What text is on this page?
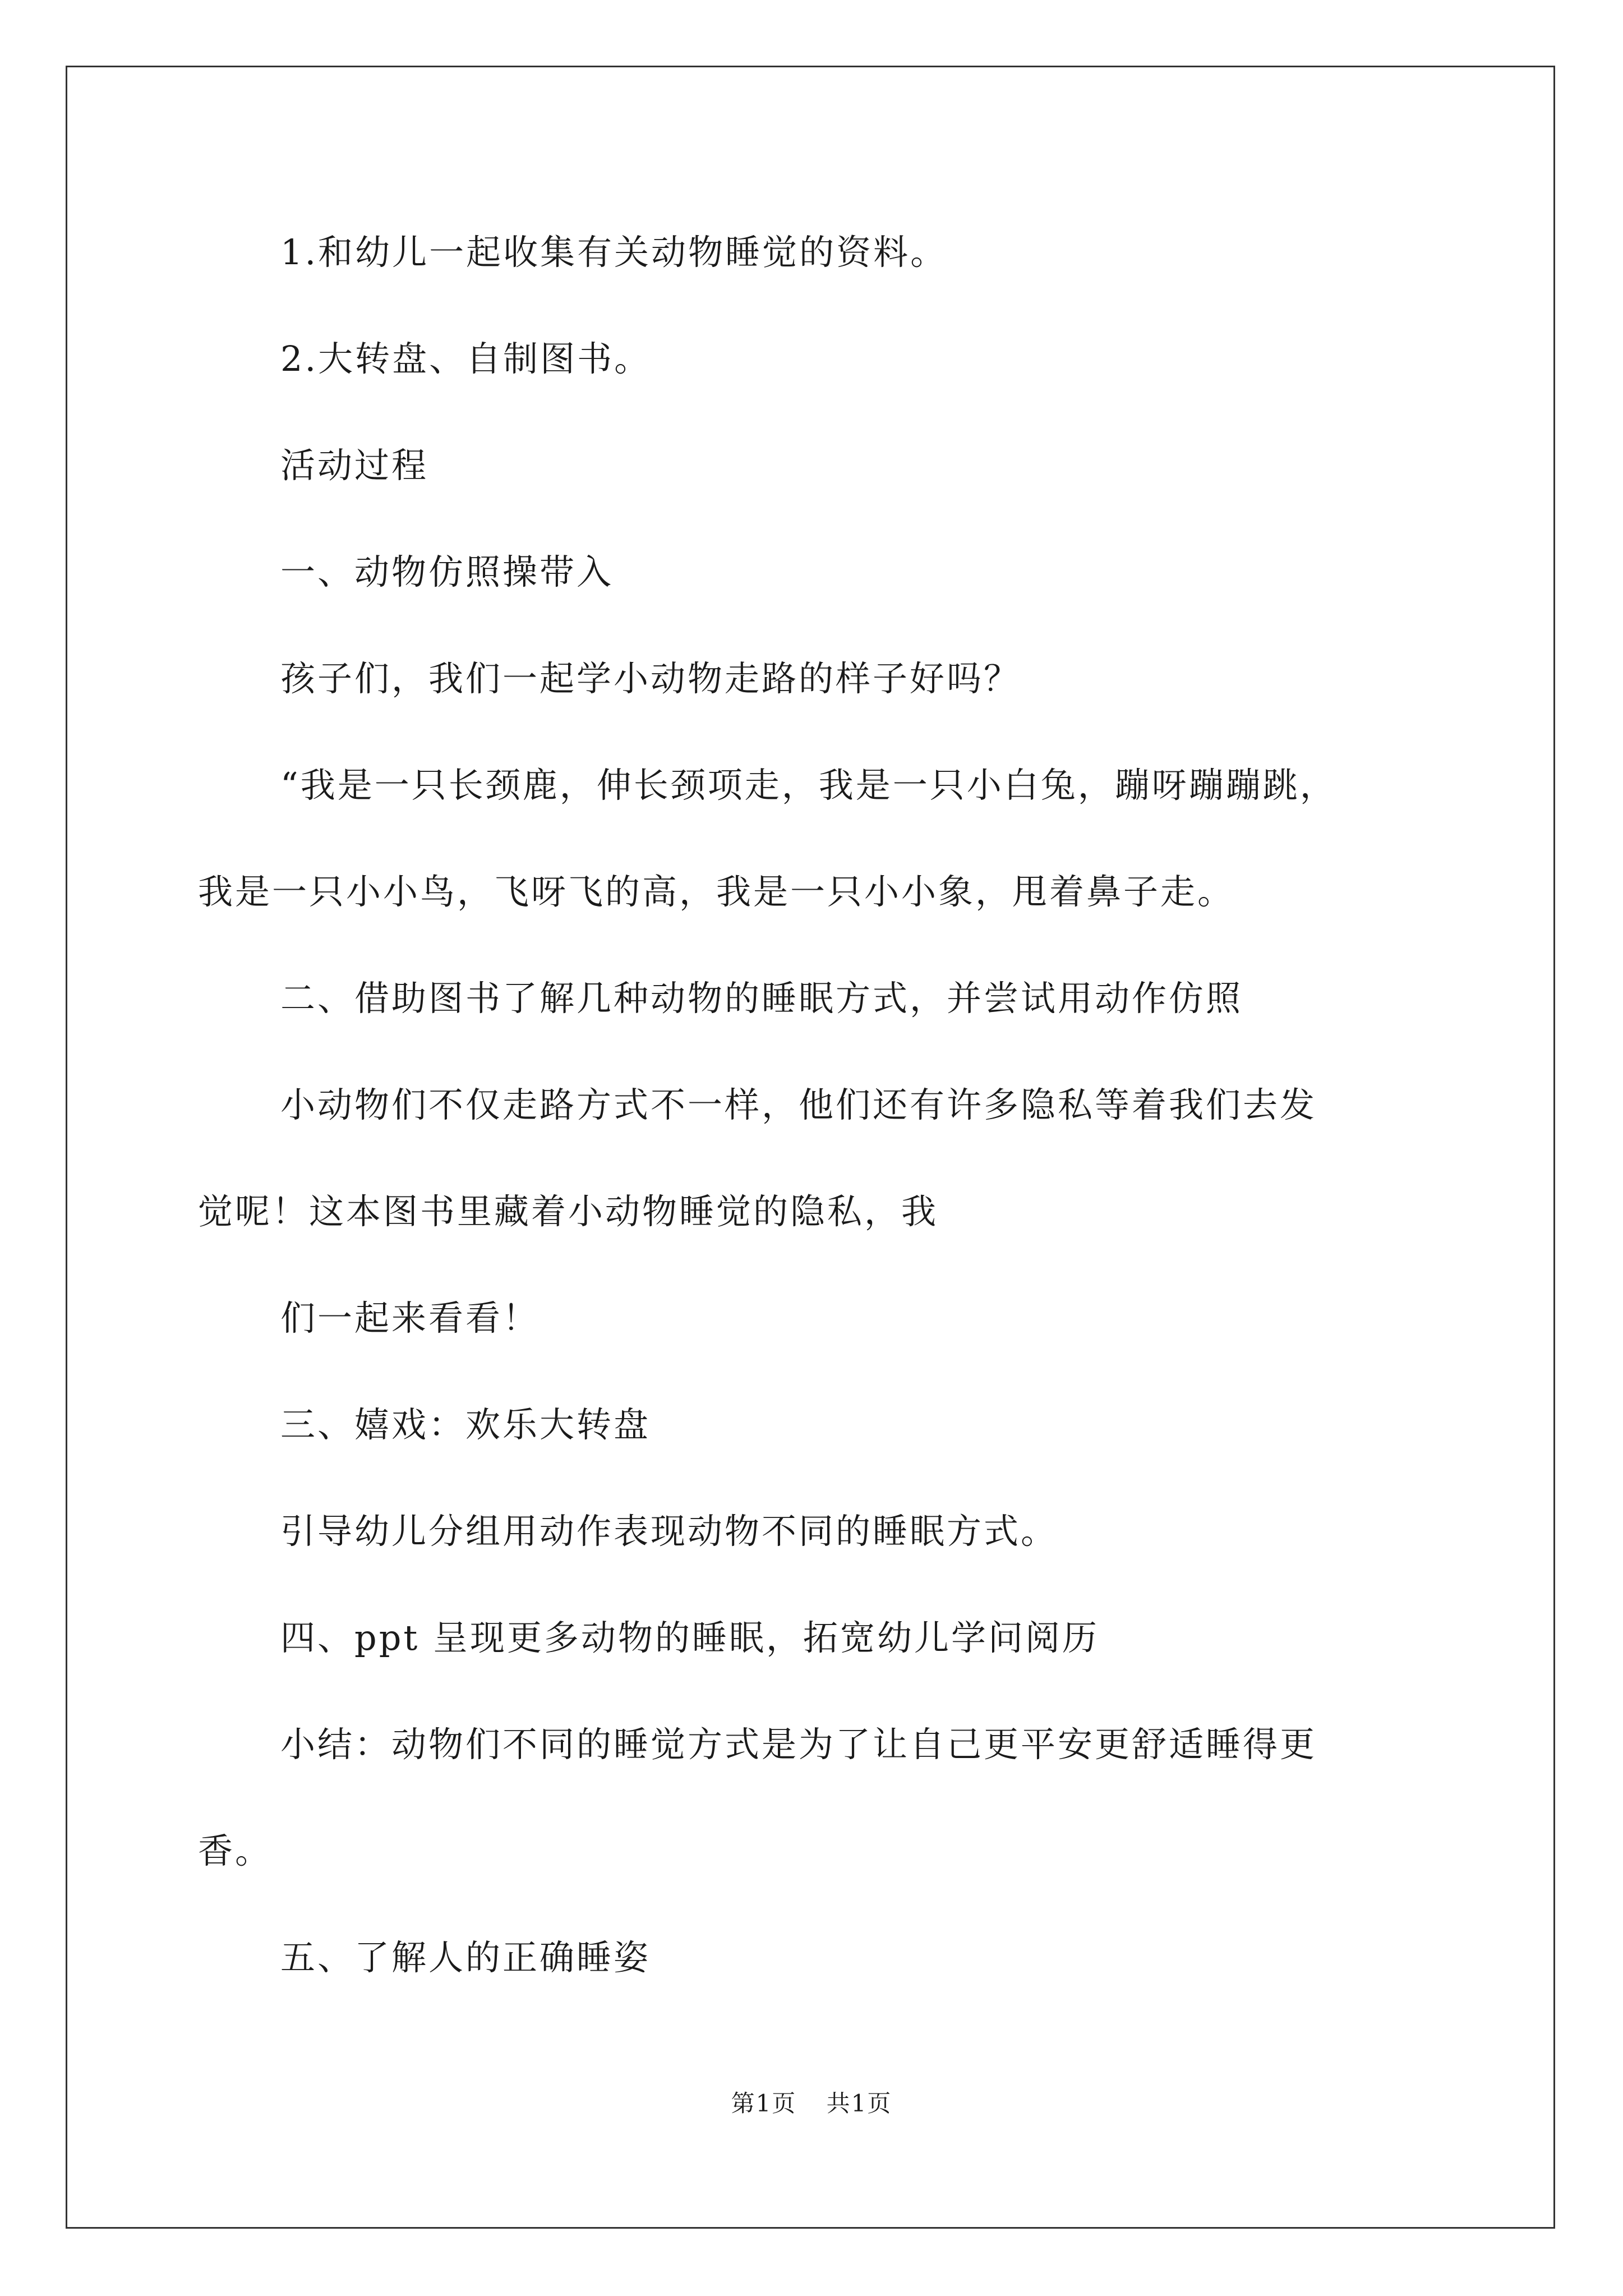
1.和幼儿一起收集有关动物睡觉的资料。

2.大转盘、自制图书。

活动过程

一、动物仿照操带入

孩子们，我们一起学小动物走路的样子好吗？

“我是一只长颈鹿，伸长颈项走，我是一只小白兔，蹦呀蹦蹦跳，

我是一只小小鸟，飞呀飞的高，我是一只小小象，甩着鼻子走。

二、借助图书了解几种动物的睡眠方式，并尝试用动作仿照

小动物们不仅走路方式不一样，他们还有许多隐私等着我们去发

觉呢！这本图书里藏着小动物睡觉的隐私，我

们一起来看看！

三、嬉戏：欢乐大转盘

引导幼儿分组用动作表现动物不同的睡眠方式。

四、ppt 呈现更多动物的睡眠，拓宽幼儿学问阅历

小结：动物们不同的睡觉方式是为了让自己更平安更舒适睡得更

香。

五、了解人的正确睡姿

第1页 共1页
